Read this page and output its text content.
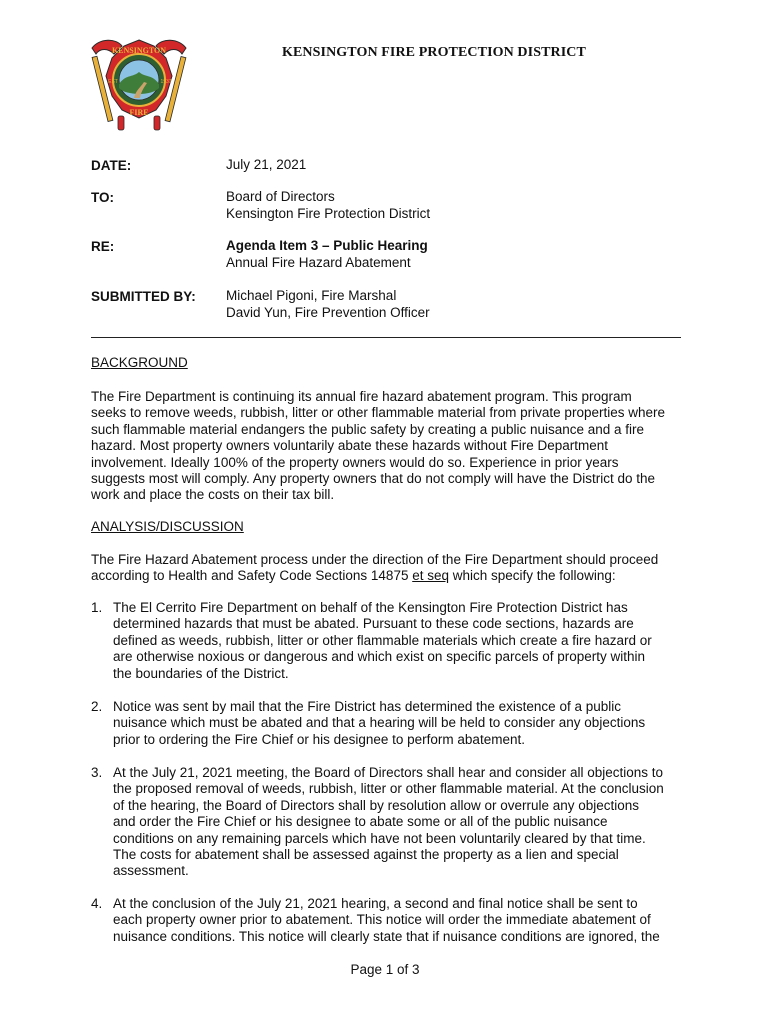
KENSINGTON
FIRE
EST	1937
KENSINGTON FIRE PROTECTION DISTRICT
DATE:	July 21, 2021
TO:	Board of Directors
Kensington Fire Protection District
RE:	Agenda Item 3 – Public Hearing
Annual Fire Hazard Abatement
SUBMITTED BY: Michael Pigoni, Fire Marshal
David Yun, Fire Prevention Officer
BACKGROUND
The Fire Department is continuing its annual fire hazard abatement program. This program
seeks to remove weeds, rubbish, litter or other flammable material from private properties where
such flammable material endangers the public safety by creating a public nuisance and a fire
hazard. Most property owners voluntarily abate these hazards without Fire Department
involvement. Ideally 100% of the property owners would do so. Experience in prior years
suggests most will comply. Any property owners that do not comply will have the District do the
work and place the costs on their tax bill.
ANALYSIS/DISCUSSION
The Fire Hazard Abatement process under the direction of the Fire Department should proceed
according to Health and Safety Code Sections 14875 et seq which specify the following:
1. The El Cerrito Fire Department on behalf of the Kensington Fire Protection District has
determined hazards that must be abated. Pursuant to these code sections, hazards are
defined as weeds, rubbish, litter or other flammable materials which create a fire hazard or
are otherwise noxious or dangerous and which exist on specific parcels of property within
the boundaries of the District.
2. Notice was sent by mail that the Fire District has determined the existence of a public
nuisance which must be abated and that a hearing will be held to consider any objections
prior to ordering the Fire Chief or his designee to perform abatement.
3. At the July 21, 2021 meeting, the Board of Directors shall hear and consider all objections to
the proposed removal of weeds, rubbish, litter or other flammable material. At the conclusion
of the hearing, the Board of Directors shall by resolution allow or overrule any objections
and order the Fire Chief or his designee to abate some or all of the public nuisance
conditions on any remaining parcels which have not been voluntarily cleared by that time.
The costs for abatement shall be assessed against the property as a lien and special
assessment.
4. At the conclusion of the July 21, 2021 hearing, a second and final notice shall be sent to
each property owner prior to abatement. This notice will order the immediate abatement of
nuisance conditions. This notice will clearly state that if nuisance conditions are ignored, the
Page 1 of 3
